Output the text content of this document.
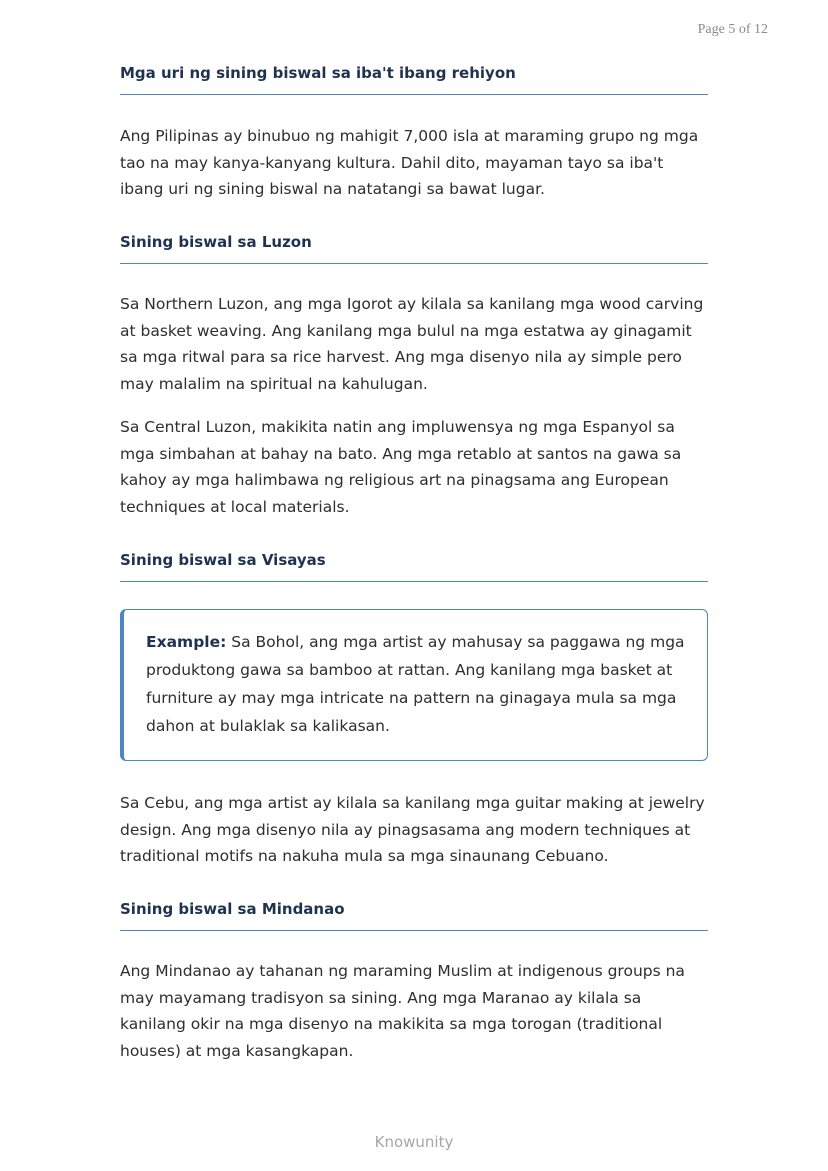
Page 5 of 12
Mga uri ng sining biswal sa iba't ibang rehiyon

Ang Pilipinas ay binubuo ng mahigit 7,000 isla at maraming grupo ng mga tao na may kanya-kanyang kultura. Dahil dito, mayaman tayo sa iba't ibang uri ng sining biswal na natatangi sa bawat lugar.

Sining biswal sa Luzon

Sa Northern Luzon, ang mga Igorot ay kilala sa kanilang mga wood carving at basket weaving. Ang kanilang mga bulul na mga estatwa ay ginagamit sa mga ritwal para sa rice harvest. Ang mga disenyo nila ay simple pero may malalim na spiritual na kahulugan.

Sa Central Luzon, makikita natin ang impluwensya ng mga Espanyol sa mga simbahan at bahay na bato. Ang mga retablo at santos na gawa sa kahoy ay mga halimbawa ng religious art na pinagsama ang European techniques at local materials.

Sining biswal sa Visayas

Example: Sa Bohol, ang mga artist ay mahusay sa paggawa ng mga produktong gawa sa bamboo at rattan. Ang kanilang mga basket at furniture ay may mga intricate na pattern na ginagaya mula sa mga dahon at bulaklak sa kalikasan.

Sa Cebu, ang mga artist ay kilala sa kanilang mga guitar making at jewelry design. Ang mga disenyo nila ay pinagsasama ang modern techniques at traditional motifs na nakuha mula sa mga sinaunang Cebuano.

Sining biswal sa Mindanao

Ang Mindanao ay tahanan ng maraming Muslim at indigenous groups na may mayamang tradisyon sa sining. Ang mga Maranao ay kilala sa kanilang okir na mga disenyo na makikita sa mga torogan (traditional houses) at mga kasangkapan.

Knowunity
